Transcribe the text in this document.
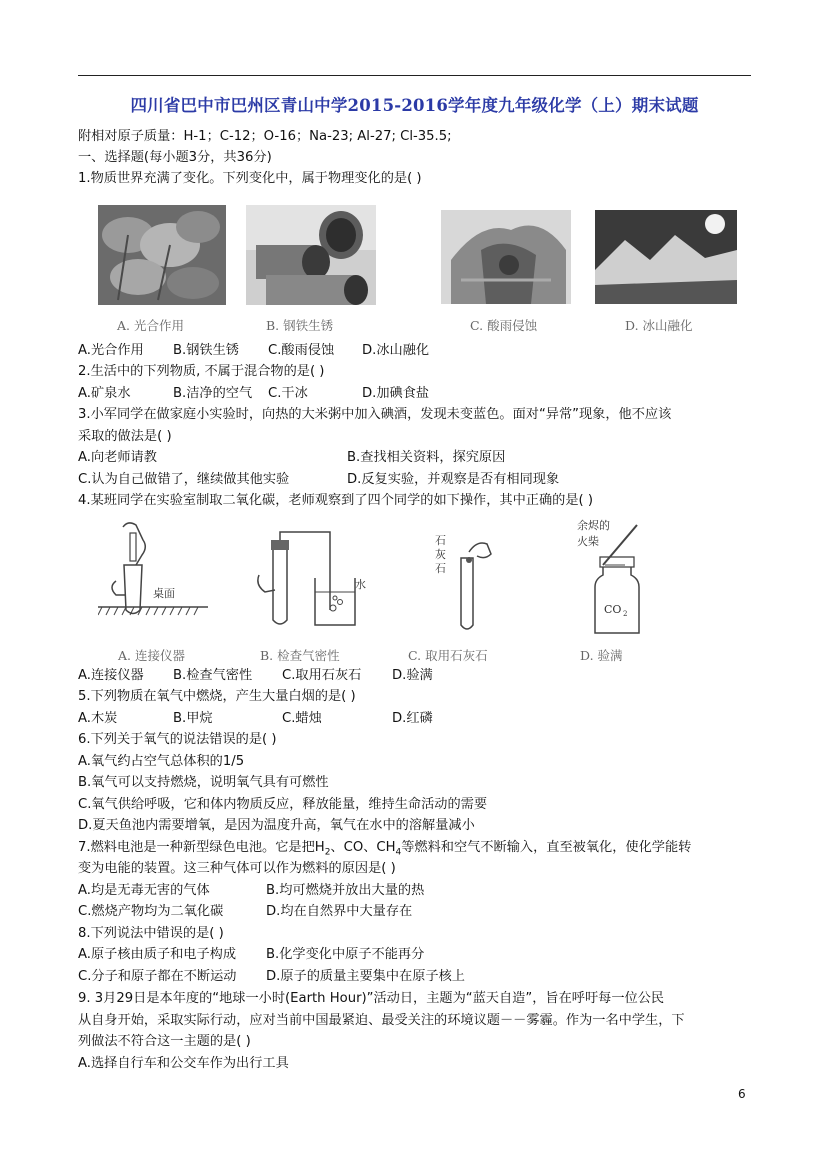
四川省巴中市巴州区青山中学2015-2016学年度九年级化学（上）期末试题
附相对原子质量：H-1；C-12；O-16；Na-23; Al-27; Cl-35.5;
一、选择题(每小题3分，共36分)
1.物质世界充满了变化。下列变化中，属于物理变化的是( )
A. 光合作用	B. 钢铁生锈	C. 酸雨侵蚀	D. 冰山融化
A.光合作用 B.钢铁生锈 C.酸雨侵蚀 D.冰山融化
2.生活中的下列物质, 不属于混合物的是( )
A.矿泉水	B.洁净的空气 C.干冰	D.加碘食盐
3.小军同学在做家庭小实验时，向热的大米粥中加入碘酒，发现未变蓝色。面对“异常”现象，他不应该
采取的做法是( )
A.向老师请教	B.查找相关资料，探究原因
C.认为自己做错了，继续做其他实验	D.反复实验，并观察是否有相同现象
4.某班同学在实验室制取二氧化碳，老师观察到了四个同学的如下操作，其中正确的是( )
桌面
水
石
灰
石
余烬的
火柴
CO 2
A. 连接仪器	B. 检查气密性	C. 取用石灰石	D. 验满
A.连接仪器 B.检查气密性 C.取用石灰石 D.验满
5.下列物质在氧气中燃烧，产生大量白烟的是( )
A.木炭	B.甲烷	C.蜡烛	D.红磷
6.下列关于氧气的说法错误的是( )
A.氧气约占空气总体积的1/5
B.氧气可以支持燃烧，说明氧气具有可燃性
C.氧气供给呼吸，它和体内物质反应，释放能量，维持生命活动的需要
D.夏天鱼池内需要增氧，是因为温度升高，氧气在水中的溶解量减小
7.燃料电池是一种新型绿色电池。它是把$H_2$、CO、$CH_4$等燃料和空气不断输入，直至被氧化，使化学能转
变为电能的装置。这三种气体可以作为燃料的原因是( )
A.均是无毒无害的气体	B.均可燃烧并放出大量的热
C.燃烧产物均为二氧化碳	D.均在自然界中大量存在
8.下列说法中错误的是( )
A.原子核由质子和电子构成 B.化学变化中原子不能再分
C.分子和原子都在不断运动 D.原子的质量主要集中在原子核上
9. 3月29日是本年度的“地球一小时(Earth Hour)”活动日，主题为“蓝天自造”，旨在呼吁每一位公民
从自身开始，采取实际行动，应对当前中国最紧迫、最受关注的环境议题－－雾霾。作为一名中学生，下
列做法不符合这一主题的是( )
A.选择自行车和公交车作为出行工具
6
